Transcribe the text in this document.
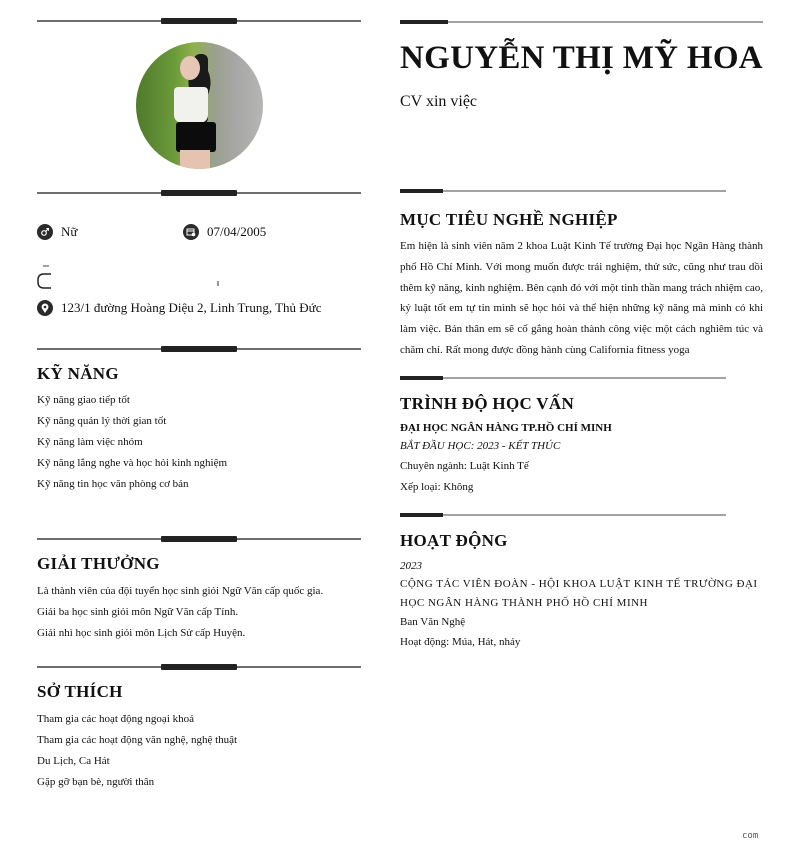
Nữ	07/04/2005
123/1 đường Hoàng Diệu 2, Linh Trung, Thủ Đức
KỸ NĂNG
Kỹ năng giao tiếp tốt
Kỹ năng quản lý thời gian tốt
Kỹ năng làm việc nhóm
Kỹ năng lắng nghe và học hỏi kinh nghiệm
Kỹ năng tin học văn phòng cơ bản
GIẢI THƯỞNG
Là thành viên của đội tuyển học sinh giỏi Ngữ Văn cấp quốc gia.
Giải ba học sinh giỏi môn Ngữ Văn cấp Tỉnh.
Giải nhì học sinh giỏi môn Lịch Sử cấp Huyện.
SỞ THÍCH
Tham gia các hoạt động ngoại khoá
Tham gia các hoạt động văn nghệ, nghệ thuật
Du Lịch, Ca Hát
Gặp gỡ bạn bè, người thân
NGUYỄN THỊ MỸ HOA
CV xin việc
MỤC TIÊU NGHỀ NGHIỆP
Em hiện là sinh viên năm 2 khoa Luật Kinh Tế trường Đại học Ngân Hàng thành phố Hồ Chí Minh. Với mong muốn được trải nghiệm, thử sức, cũng như trau dồi thêm kỹ năng, kinh nghiệm. Bên cạnh đó với một tinh thần mang trách nhiệm cao, kỷ luật tốt em tự tin mình sẽ học hỏi và thể hiện những kỹ năng mà mình có khi làm việc. Bản thân em sẽ cố gắng hoàn thành công việc một cách nghiêm túc và chăm chỉ. Rất mong được đồng hành cùng California fitness yoga
TRÌNH ĐỘ HỌC VẤN
ĐẠI HỌC NGÂN HÀNG TP.HỒ CHÍ MINH
BẮT ĐẦU HỌC: 2023 - KẾT THÚC
Chuyên ngành: Luật Kinh Tế
Xếp loại: Không
HOẠT ĐỘNG
2023
CỘNG TÁC VIÊN ĐOÀN - HỘI KHOA LUẬT KINH TẾ TRƯỜNG ĐẠI
HỌC NGÂN HÀNG THÀNH PHỐ HỒ CHÍ MINH
Ban Văn Nghệ
Hoạt động: Múa, Hát, nhảy
com
